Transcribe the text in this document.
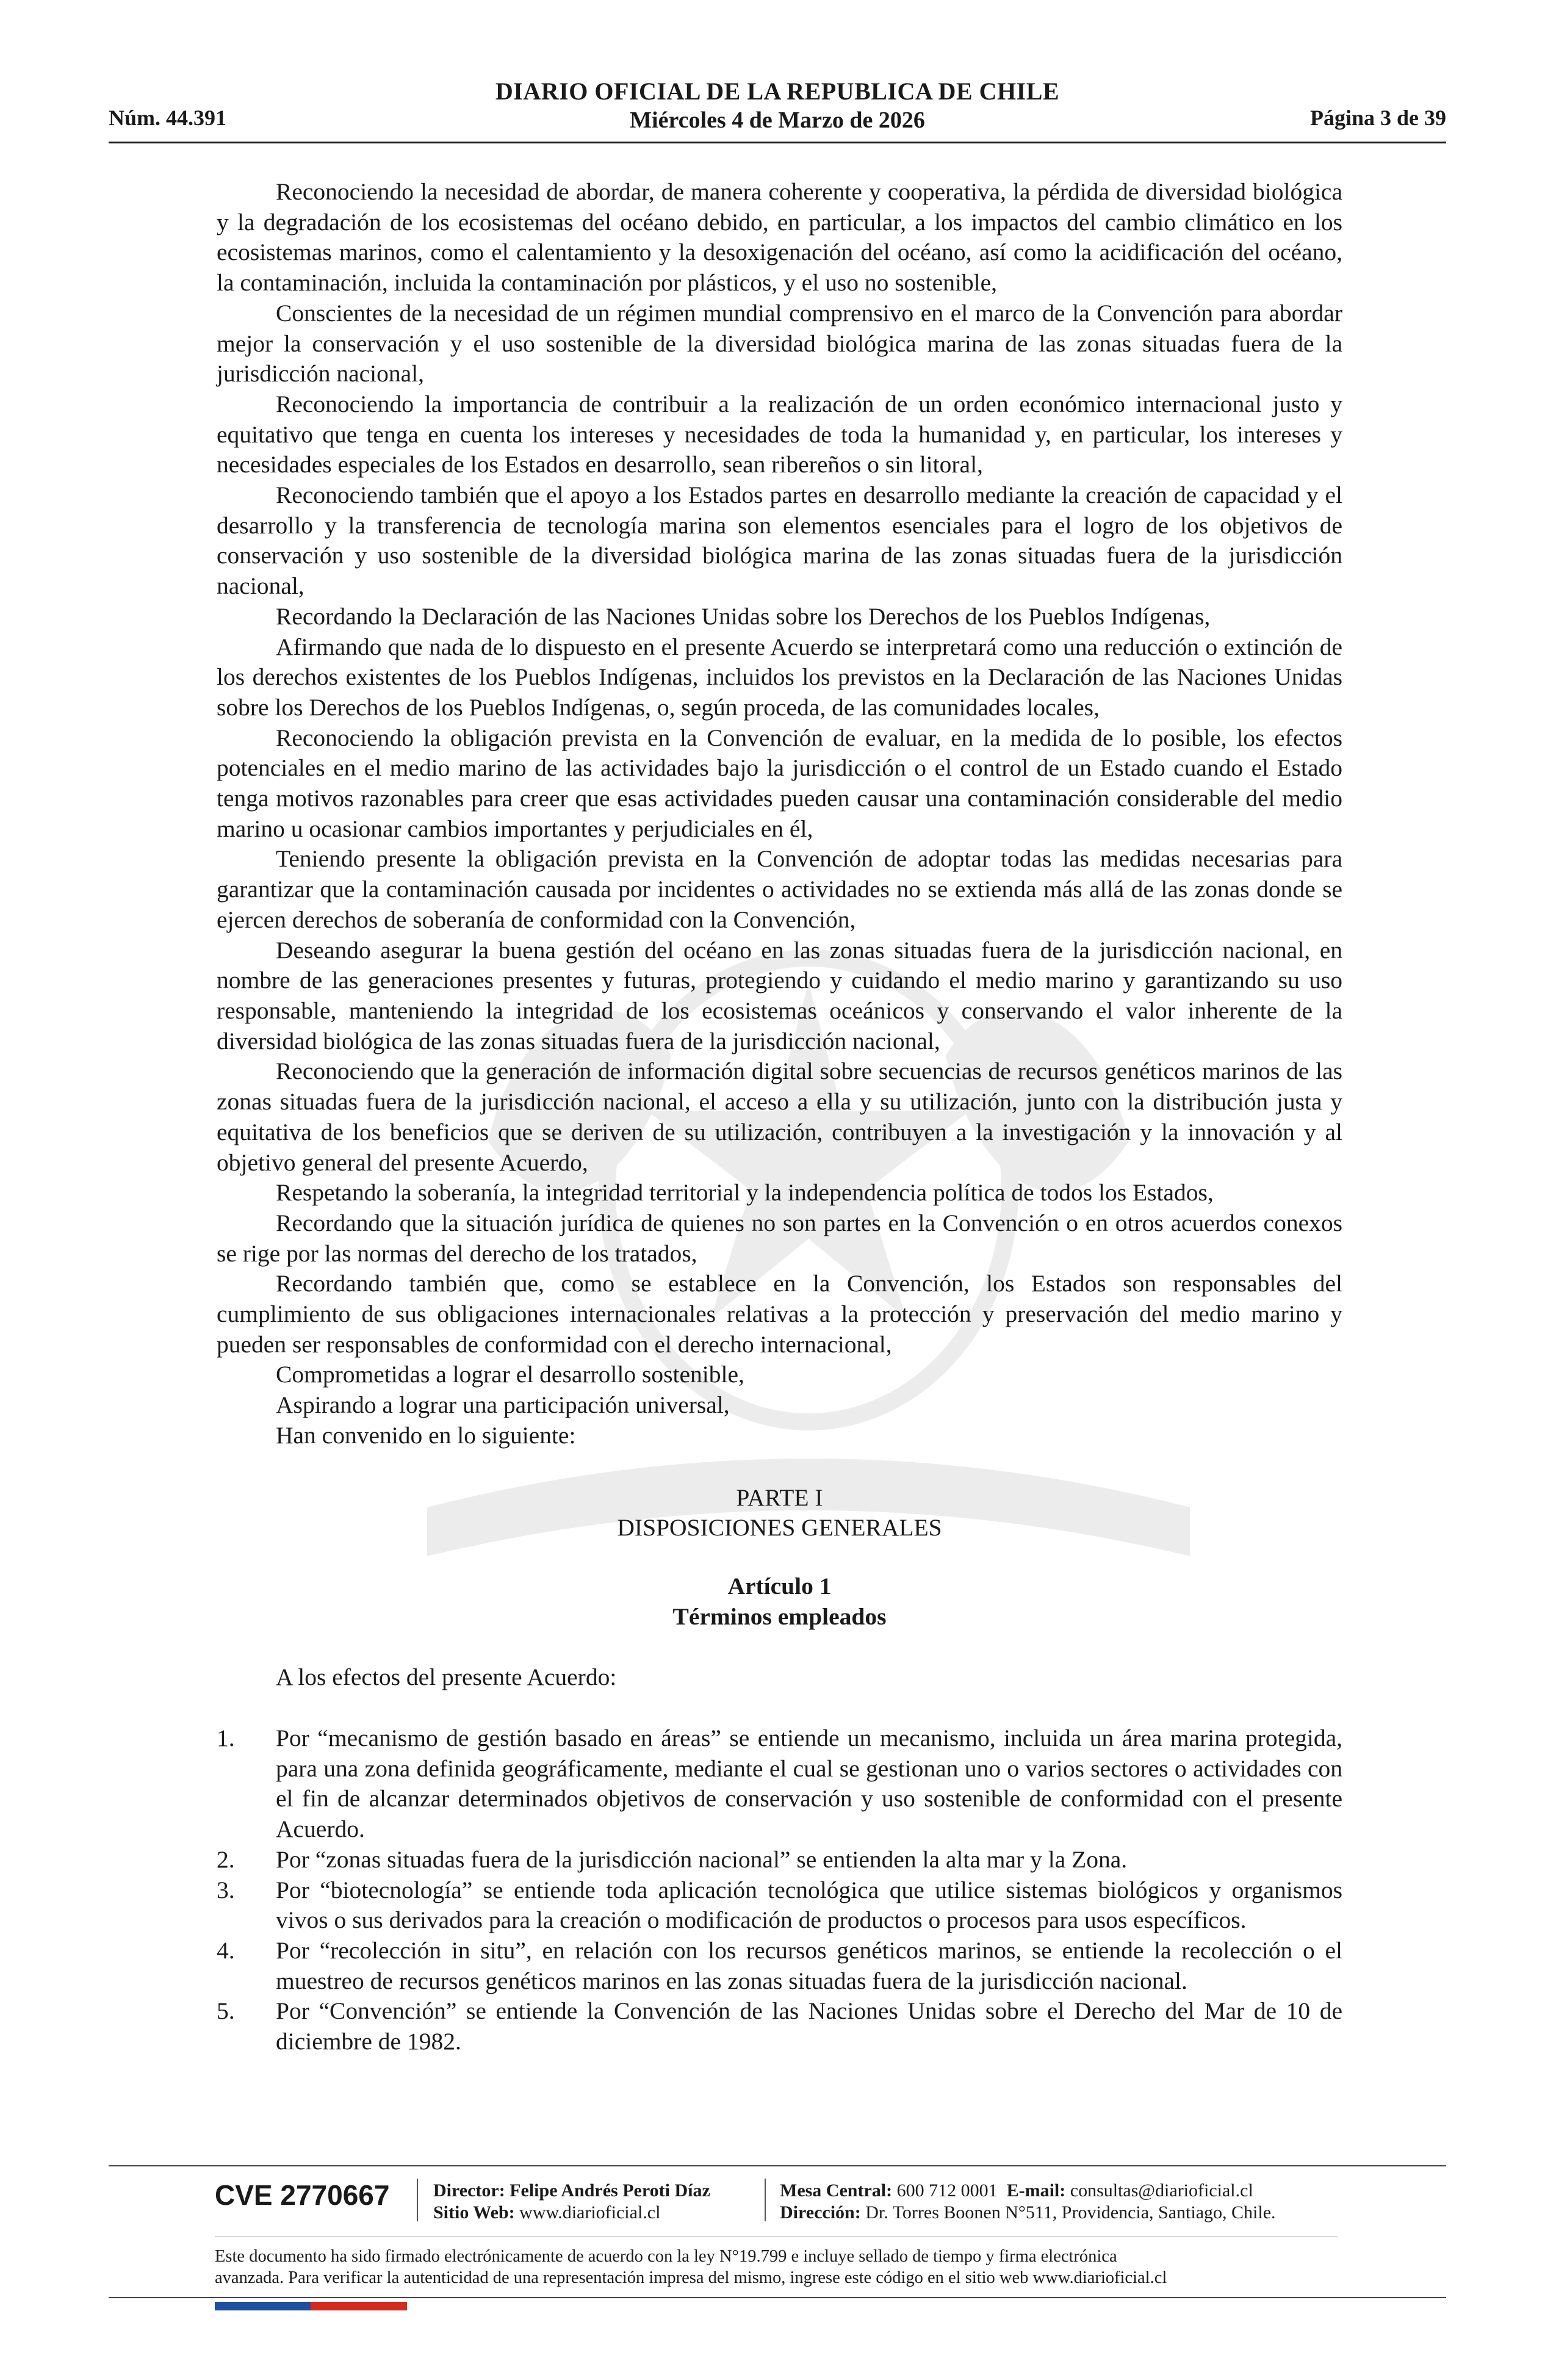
Núm. 44.391
DIARIO OFICIAL DE LA REPUBLICA DE CHILE
Miércoles 4 de Marzo de 2026	Página 3 de 39

Reconociendo la necesidad de abordar, de manera coherente y cooperativa, la pérdida de diversidad biológica y la degradación de los ecosistemas del océano debido, en particular, a los impactos del cambio climático en los ecosistemas marinos, como el calentamiento y la desoxigenación del océano, así como la acidificación del océano, la contaminación, incluida la contaminación por plásticos, y el uso no sostenible,

Conscientes de la necesidad de un régimen mundial comprensivo en el marco de la Convención para abordar mejor la conservación y el uso sostenible de la diversidad biológica marina de las zonas situadas fuera de la jurisdicción nacional,

Reconociendo la importancia de contribuir a la realización de un orden económico internacional justo y equitativo que tenga en cuenta los intereses y necesidades de toda la humanidad y, en particular, los intereses y necesidades especiales de los Estados en desarrollo, sean ribereños o sin litoral,

Reconociendo también que el apoyo a los Estados partes en desarrollo mediante la creación de capacidad y el desarrollo y la transferencia de tecnología marina son elementos esenciales para el logro de los objetivos de conservación y uso sostenible de la diversidad biológica marina de las zonas situadas fuera de la jurisdicción nacional,

Recordando la Declaración de las Naciones Unidas sobre los Derechos de los Pueblos Indígenas,

Afirmando que nada de lo dispuesto en el presente Acuerdo se interpretará como una reducción o extinción de los derechos existentes de los Pueblos Indígenas, incluidos los previstos en la Declaración de las Naciones Unidas sobre los Derechos de los Pueblos Indígenas, o, según proceda, de las comunidades locales,

Reconociendo la obligación prevista en la Convención de evaluar, en la medida de lo posible, los efectos potenciales en el medio marino de las actividades bajo la jurisdicción o el control de un Estado cuando el Estado tenga motivos razonables para creer que esas actividades pueden causar una contaminación considerable del medio marino u ocasionar cambios importantes y perjudiciales en él,

Teniendo presente la obligación prevista en la Convención de adoptar todas las medidas necesarias para garantizar que la contaminación causada por incidentes o actividades no se extienda más allá de las zonas donde se ejercen derechos de soberanía de conformidad con la Convención,

Deseando asegurar la buena gestión del océano en las zonas situadas fuera de la jurisdicción nacional, en nombre de las generaciones presentes y futuras, protegiendo y cuidando el medio marino y garantizando su uso responsable, manteniendo la integridad de los ecosistemas oceánicos y conservando el valor inherente de la diversidad biológica de las zonas situadas fuera de la jurisdicción nacional,

Reconociendo que la generación de información digital sobre secuencias de recursos genéticos marinos de las zonas situadas fuera de la jurisdicción nacional, el acceso a ella y su utilización, junto con la distribución justa y equitativa de los beneficios que se deriven de su utilización, contribuyen a la investigación y la innovación y al objetivo general del presente Acuerdo,

Respetando la soberanía, la integridad territorial y la independencia política de todos los Estados,

Recordando que la situación jurídica de quienes no son partes en la Convención o en otros acuerdos conexos se rige por las normas del derecho de los tratados,

Recordando también que, como se establece en la Convención, los Estados son responsables del cumplimiento de sus obligaciones internacionales relativas a la protección y preservación del medio marino y pueden ser responsables de conformidad con el derecho internacional,

Comprometidas a lograr el desarrollo sostenible,

Aspirando a lograr una participación universal,

Han convenido en lo siguiente:

PARTE I
DISPOSICIONES GENERALES
Artículo 1
Términos empleados
A los efectos del presente Acuerdo:
1. Por “mecanismo de gestión basado en áreas” se entiende un mecanismo, incluida un área marina protegida, para una zona definida geográficamente, mediante el cual se gestionan uno o varios sectores o actividades con el fin de alcanzar determinados objetivos de conservación y uso sostenible de conformidad con el presente Acuerdo.
2. Por “zonas situadas fuera de la jurisdicción nacional” se entienden la alta mar y la Zona.
3. Por “biotecnología” se entiende toda aplicación tecnológica que utilice sistemas biológicos y organismos vivos o sus derivados para la creación o modificación de productos o procesos para usos específicos.
4. Por “recolección in situ”, en relación con los recursos genéticos marinos, se entiende la recolección o el muestreo de recursos genéticos marinos en las zonas situadas fuera de la jurisdicción nacional.
5. Por “Convención” se entiende la Convención de las Naciones Unidas sobre el Derecho del Mar de 10 de diciembre de 1982.
CVE 2770667 Director: Felipe Andrés Peroti Díaz
Sitio Web: www.diarioficial.cl
Mesa Central: 600 712 0001 E-mail: consultas@diarioficial.cl
Dirección: Dr. Torres Boonen N°511, Providencia, Santiago, Chile.
Este documento ha sido firmado electrónicamente de acuerdo con la ley N°19.799 e incluye sellado de tiempo y firma electrónica
avanzada. Para verificar la autenticidad de una representación impresa del mismo, ingrese este código en el sitio web www.diarioficial.cl
